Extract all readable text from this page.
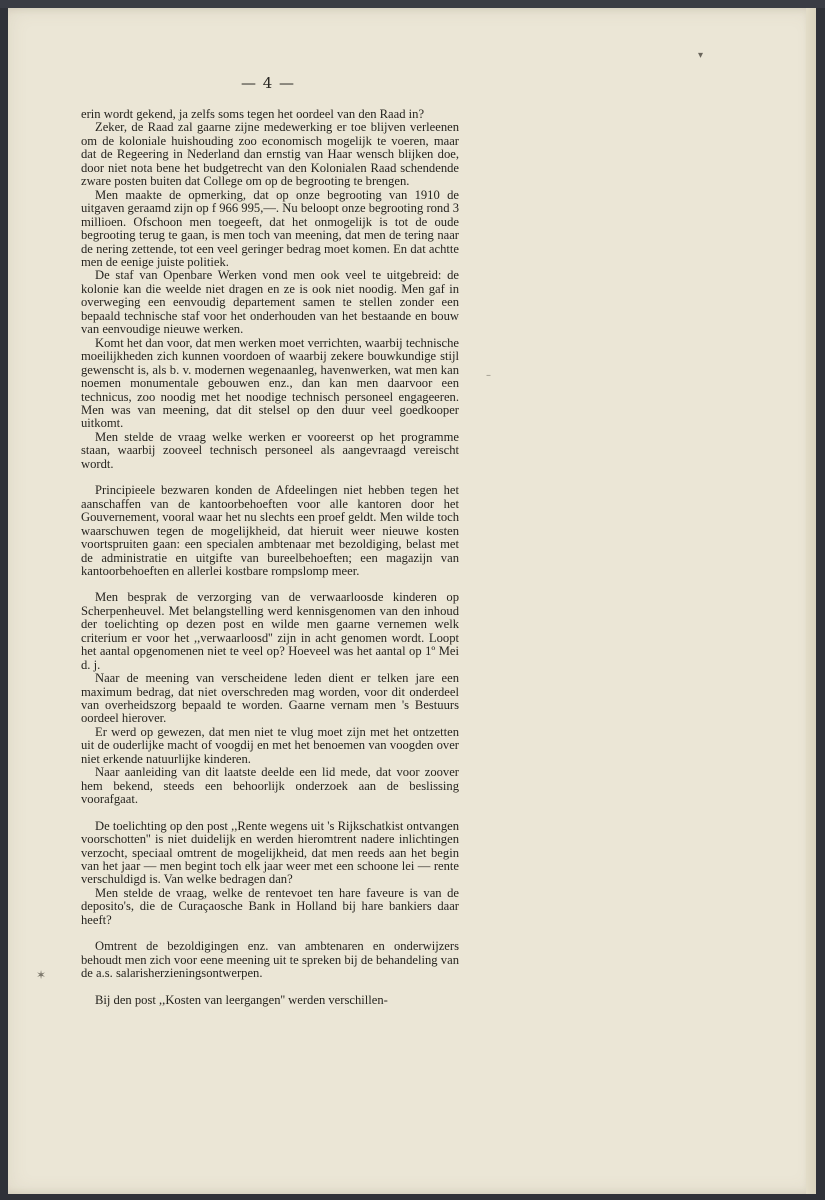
— 4 —

erin wordt gekend, ja zelfs soms tegen het oordeel van den Raad in?

Zeker, de Raad zal gaarne zijne medewerking er toe blijven verleenen om de koloniale huishouding zoo economisch mogelijk te voeren, maar dat de Regeering in Nederland dan ernstig van Haar wensch blijken doe, door niet nota bene het budgetrecht van den Kolonialen Raad schendende zware posten buiten dat College om op de begrooting te brengen.

Men maakte de opmerking, dat op onze begrooting van 1910 de uitgaven geraamd zijn op f 966 995,—. Nu beloopt onze begrooting rond 3 millioen. Ofschoon men toegeeft, dat het onmogelijk is tot de oude begrooting terug te gaan, is men toch van meening, dat men de tering naar de nering zettende, tot een veel geringer bedrag moet komen. En dat achtte men de eenige juiste politiek.

De staf van Openbare Werken vond men ook veel te uitgebreid: de kolonie kan die weelde niet dragen en ze is ook niet noodig. Men gaf in overweging een eenvoudig departement samen te stellen zonder een bepaald technische staf voor het onderhouden van het bestaande en bouw van eenvoudige nieuwe werken.

Komt het dan voor, dat men werken moet verrichten, waarbij technische moeilijkheden zich kunnen voordoen of waarbij zekere bouwkundige stijl gewenscht is, als b. v. modernen wegenaanleg, havenwerken, wat men kan noemen monumentale gebouwen enz., dan kan men daarvoor een technicus, zoo noodig met het noodige technisch personeel engageeren. Men was van meening, dat dit stelsel op den duur veel goedkooper uitkomt.

Men stelde de vraag welke werken er vooreerst op het programme staan, waarbij zooveel technisch personeel als aangevraagd vereischt wordt.

Principieele bezwaren konden de Afdeelingen niet hebben tegen het aanschaffen van de kantoorbehoeften voor alle kantoren door het Gouvernement, vooral waar het nu slechts een proef geldt. Men wilde toch waarschuwen tegen de mogelijkheid, dat hieruit weer nieuwe kosten voortspruiten gaan: een specialen ambtenaar met bezoldiging, belast met de administratie en uitgifte van bureelbehoeften; een magazijn van kantoorbehoeften en allerlei kostbare rompslomp meer.

Men besprak de verzorging van de verwaarloosde kinderen op Scherpenheuvel. Met belangstelling werd kennisgenomen van den inhoud der toelichting op dezen post en wilde men gaarne vernemen welk criterium er voor het ,,verwaarloosd'' zijn in acht genomen wordt. Loopt het aantal opgenomenen niet te veel op? Hoeveel was het aantal op 1º Mei d. j.

Naar de meening van verscheidene leden dient er telken jare een maximum bedrag, dat niet overschreden mag worden, voor dit onderdeel van overheidszorg bepaald te worden. Gaarne vernam men 's Bestuurs oordeel hierover.

Er werd op gewezen, dat men niet te vlug moet zijn met het ontzetten uit de ouderlijke macht of voogdij en met het benoemen van voogden over niet erkende natuurlijke kinderen.

Naar aanleiding van dit laatste deelde een lid mede, dat voor zoover hem bekend, steeds een behoorlijk onderzoek aan de beslissing voorafgaat.

De toelichting op den post ,,Rente wegens uit 's Rijkschatkist ontvangen voorschotten'' is niet duidelijk en werden hieromtrent nadere inlichtingen verzocht, speciaal omtrent de mogelijkheid, dat men reeds aan het begin van het jaar — men begint toch elk jaar weer met een schoone lei — rente verschuldigd is. Van welke bedragen dan?

Men stelde de vraag, welke de rentevoet ten hare faveure is van de deposito's, die de Curaçaosche Bank in Holland bij hare bankiers daar heeft?

Omtrent de bezoldigingen enz. van ambtenaren en onderwijzers behoudt men zich voor eene meening uit te spreken bij de behandeling van de a.s. salarisherzieningsontwerpen.

Bij den post ,,Kosten van leergangen'' werden verschillen-

▾
–
✶
